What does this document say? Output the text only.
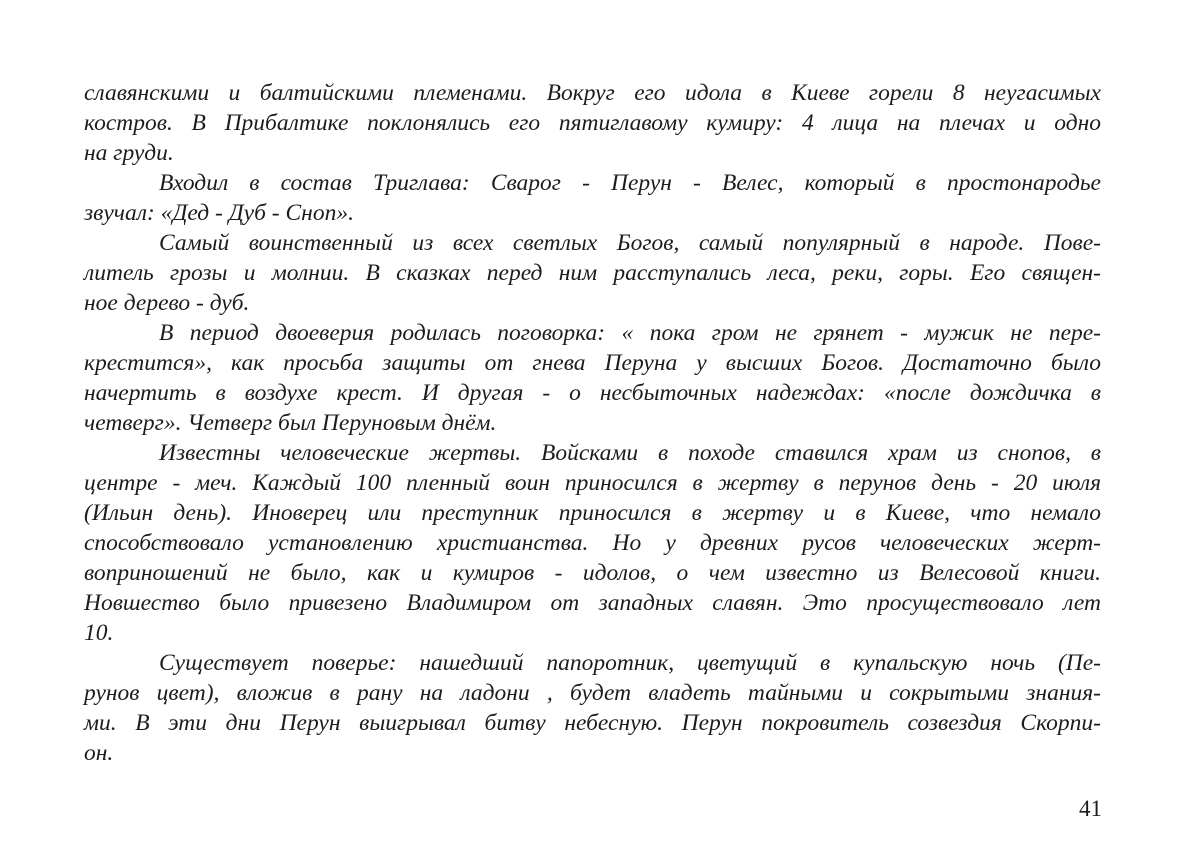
славянскими и балтийскими племенами. Вокруг его идола в Киеве горели 8 неугасимых
костров. В Прибалтике поклонялись его пятиглавому кумиру: 4 лица на плечах и одно
на груди.
Входил в состав Триглава: Сварог - Перун - Велес, который в простонародье
звучал: «Дед - Дуб - Сноп».
Самый воинственный из всех светлых Богов, самый популярный в народе. Пове-
литель грозы и молнии. В сказках перед ним расступались леса, реки, горы. Его священ-
ное дерево - дуб.
В период двоеверия родилась поговорка: « пока гром не грянет - мужик не пере-
крестится», как просьба защиты от гнева Перуна у высших Богов. Достаточно было
начертить в воздухе крест. И другая - о несбыточных надеждах: «после дождичка в
четверг». Четверг был Перуновым днём.
Известны человеческие жертвы. Войсками в походе ставился храм из снопов, в
центре - меч. Каждый 100 пленный воин приносился в жертву в перунов день - 20 июля
(Ильин день). Иноверец или преступник приносился в жертву и в Киеве, что немало
способствовало установлению христианства. Но у древних русов человеческих жерт-
воприношений не было, как и кумиров - идолов, о чем известно из Велесовой книги.
Новшество было привезено Владимиром от западных славян. Это просуществовало лет
10.
Существует поверье: нашедший папоротник, цветущий в купальскую ночь (Пе-
рунов цвет), вложив в рану на ладони , будет владеть тайными и сокрытыми знания-
ми. В эти дни Перун выигрывал битву небесную. Перун покровитель созвездия Скорпи-
он.
41
